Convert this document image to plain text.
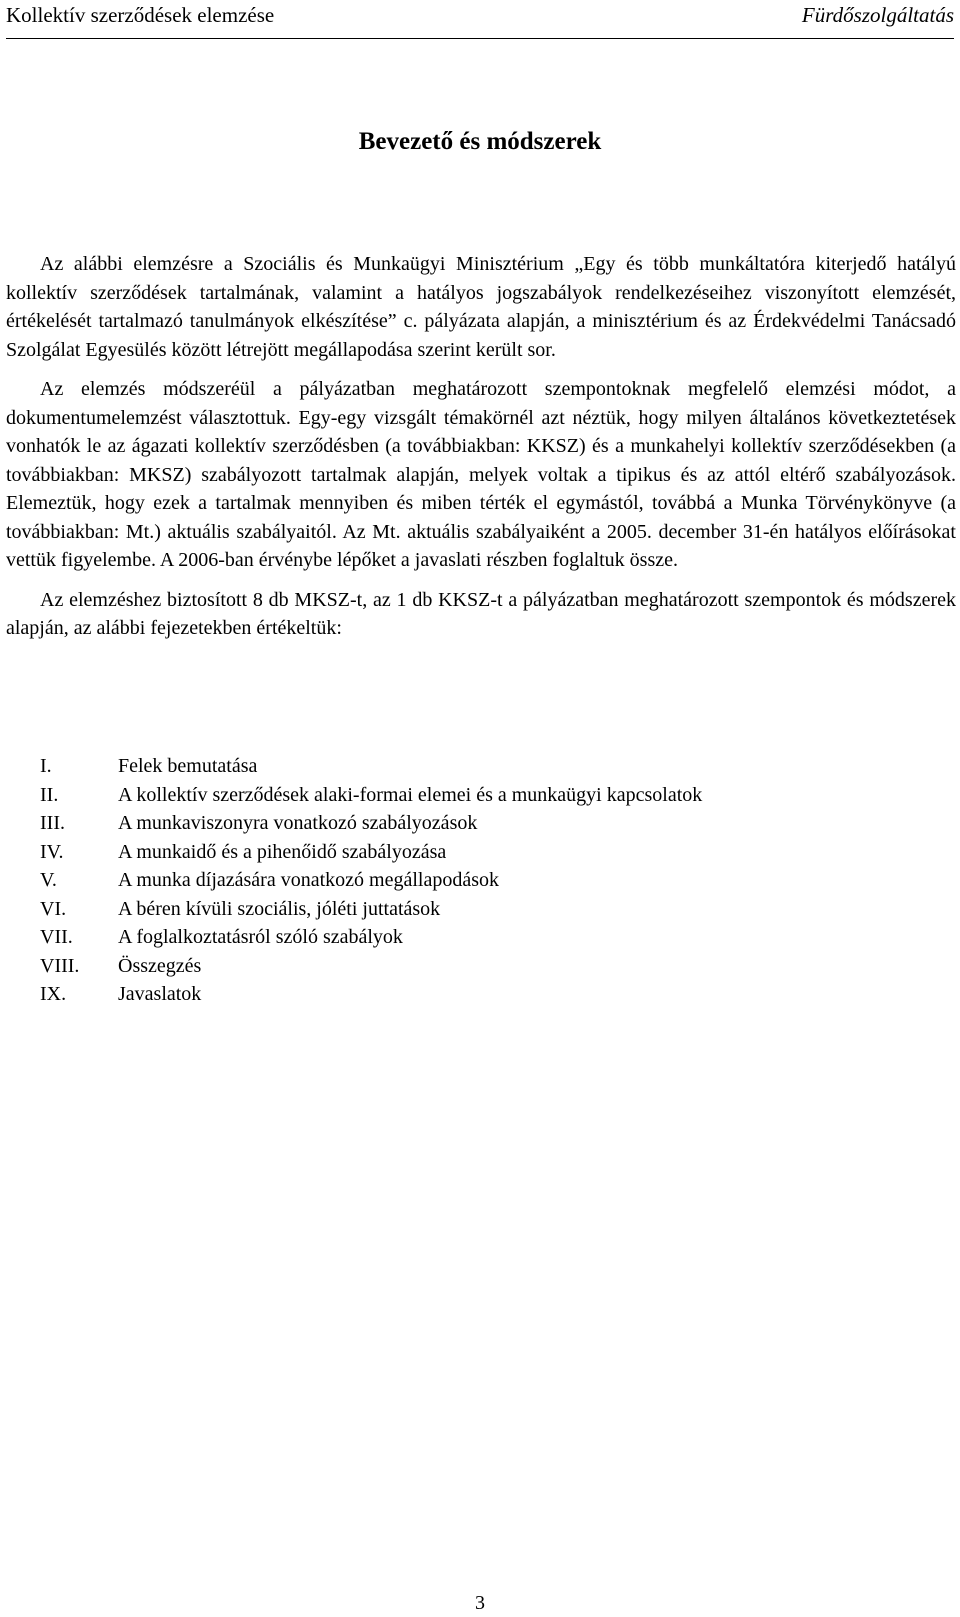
Kollektív szerződések elemzése	Fürdőszolgáltatás
Bevezető és módszerek

Az alábbi elemzésre a Szociális és Munkaügyi Minisztérium „Egy és több munkáltatóra kiterjedő hatályú kollektív szerződések tartalmának, valamint a hatályos jogszabályok rendelkezéseihez viszonyított elemzését, értékelését tartalmazó tanulmányok elkészítése” c. pályázata alapján, a minisztérium és az Érdekvédelmi Tanácsadó Szolgálat Egyesülés között létrejött megállapodása szerint került sor.

Az elemzés módszeréül a pályázatban meghatározott szempontoknak megfelelő elemzési módot, a dokumentumelemzést választottuk. Egy-egy vizsgált témakörnél azt néztük, hogy milyen általános következtetések vonhatók le az ágazati kollektív szerződésben (a továbbiakban: KKSZ) és a munkahelyi kollektív szerződésekben (a továbbiakban: MKSZ) szabályozott tartalmak alapján, melyek voltak a tipikus és az attól eltérő szabályozások. Elemeztük, hogy ezek a tartalmak mennyiben és miben térték el egymástól, továbbá a Munka Törvénykönyve (a továbbiakban: Mt.) aktuális szabályaitól. Az Mt. aktuális szabályaiként a 2005. december 31-én hatályos előírásokat vettük figyelembe. A 2006-ban érvénybe lépőket a javaslati részben foglaltuk össze.

Az elemzéshez biztosított 8 db MKSZ-t, az 1 db KKSZ-t a pályázatban meghatározott szempontok és módszerek alapján, az alábbi fejezetekben értékeltük:

I.	Felek bemutatása
II.	A kollektív szerződések alaki-formai elemei és a munkaügyi kapcsolatok
III.	A munkaviszonyra vonatkozó szabályozások
IV.	A munkaidő és a pihenőidő szabályozása
V.	A munka díjazására vonatkozó megállapodások
VI.	A béren kívüli szociális, jóléti juttatások
VII.	A foglalkoztatásról szóló szabályok
VIII.	Összegzés
IX.	Javaslatok
3
